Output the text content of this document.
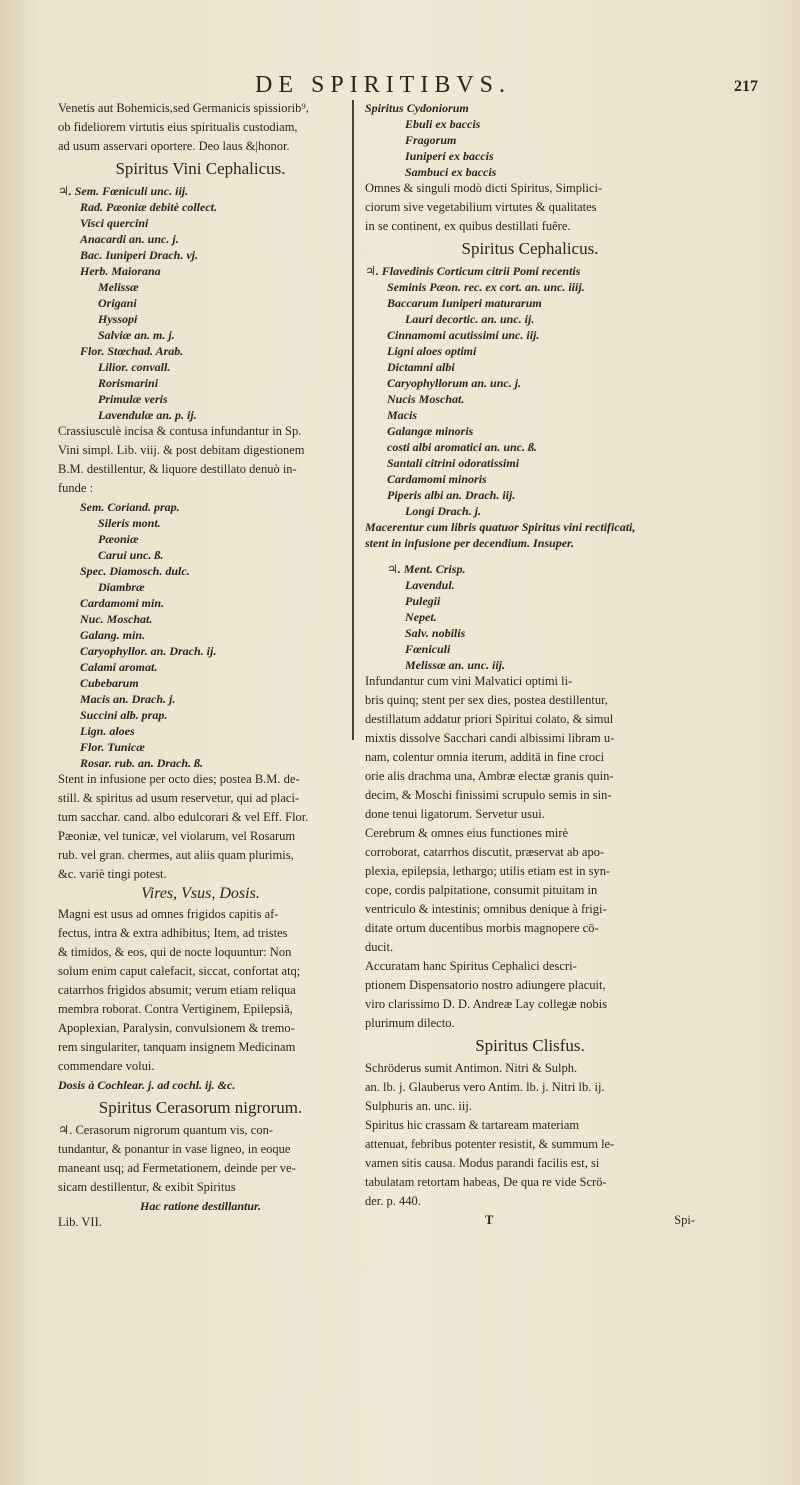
DE SPIRITIBVS.	217

Venetis aut Bohemicis,sed Germanicis spissiorib⁹,

ob fideliorem virtutis eius spiritualis custodiam,

ad usum asservari oportere. Deo laus &|honor.

Spiritus Vini Cephalicus.

♃. Sem. Fœniculi unc. iij.

Rad. Pæoniæ debitè collect.

Visci quercini

Anacardi an. unc. j.

Bac. Iuniperi Drach. vj.

Herb. Maiorana

Melissæ

Origani

Hyssopi

Salviæ an. m. j.

Flor. Stœchad. Arab.

Lilior. convall.

Rorismarini

Primulæ veris

Lavendulæ an. p. ij.

Crassiusculè incisa & contusa infundantur in Sp.

Vini simpl. Lib. viij. & post debitam digestionem

B.M. destillentur, & liquore destillato denuò in-

funde :

Sem. Coriand. prap.

Sileris mont.

Pæoniæ

Carui unc. ß.

Spec. Diamosch. dulc.

Diambræ

Cardamomi min.

Nuc. Moschat.

Galang. min.

Caryophyllor. an. Drach. ij.

Calami aromat.

Cubebarum

Macis an. Drach. j.

Succini alb. prap.

Lign. aloes

Flor. Tunicæ

Rosar. rub. an. Drach. ß.

Stent in infusione per octo dies; postea B.M. de-

still. & spiritus ad usum reservetur, qui ad placi-

tum sacchar. cand. albo edulcorari & vel Eff. Flor.

Pæoniæ, vel tunicæ, vel violarum, vel Rosarum

rub. vel gran. chermes, aut aliis quam plurimis,

&c. variè tingi potest.

Vires, Vsus, Dosis.

Magni est usus ad omnes frigidos capitis af-

fectus, intra & extra adhibitus; Item, ad tristes

& timidos, & eos, qui de nocte loquuntur: Non

solum enim caput calefacit, siccat, confortat atq;

catarrhos frigidos absumit; verum etiam reliqua

membra roborat. Contra Vertiginem, Epilepsiā,

Apoplexian, Paralysin, convulsionem & tremo-

rem singulariter, tanquam insignem Medicinam

commendare volui.

Dosis à Cochlear. j. ad cochl. ij. &c.

Spiritus Cerasorum nigrorum.

♃. Cerasorum nigrorum quantum vis, con-

tundantur, & ponantur in vase ligneo, in eoque

maneant usq; ad Fermetationem, deinde per ve-

sicam destillentur, & exibit Spiritus

Hac ratione destillantur.

Lib. VII.

Spiritus Cydoniorum

Ebuli ex baccis

Fragorum

Iuniperi ex baccis

Sambuci ex baccis

Omnes & singuli modò dicti Spiritus, Simplici-

ciorum sive vegetabilium virtutes & qualitates

in se continent, ex quibus destillati fuêre.

Spiritus Cephalicus.

♃. Flavedinis Corticum citrii Pomi recentis

Seminis Pæon. rec. ex cort. an. unc. iiij.

Baccarum Iuniperi maturarum

Lauri decortic. an. unc. ij.

Cinnamomi acutissimi unc. iij.

Ligni aloes optimi

Dictamni albi

Caryophyllorum an. unc. j.

Nucis Moschat.

Macis

Galangæ minoris

costi albi aromatici an. unc. ß.

Santali citrini odoratissimi

Cardamomi minoris

Piperis albi an. Drach. iij.

Longi Drach. j.

Macerentur cum libris quatuor Spiritus vini rectificati,

stent in infusione per decendium. Insuper.

♃. Ment. Crisp.

Lavendul.

Pulegii

Nepet.

Salv. nobilis

Fœniculi

Melissæ an. unc. iij.

Infundantur cum vini Malvatici optimi li-

bris quinq; stent per sex dies, postea destillentur,

destillatum addatur priori Spiritui colato, & simul

mixtis dissolve Sacchari candi albissimi libram u-

nam, colentur omnia iterum, additā in fine croci

orie alis drachma una, Ambræ electæ granis quin-

decim, & Moschi finissimi scrupulo semis in sin-

done tenui ligatorum. Servetur usui.

Cerebrum & omnes eius functiones mirè

corroborat, catarrhos discutit, præservat ab apo-

plexia, epilepsia, lethargo; utilis etiam est in syn-

cope, cordis palpitatione, consumit pituitam in

ventriculo & intestinis; omnibus denique à frigi-

ditate ortum ducentibus morbis magnopere cō-

ducit.

Accuratam hanc Spiritus Cephalici descri-

ptionem Dispensatorio nostro adiungere placuit,

viro clarissimo D. D. Andreæ Lay collegæ nobis

plurimum dilecto.

Spiritus Clisfus.

Schröderus sumit Antimon. Nitri & Sulph.

an. lb. j. Glauberus vero Antim. lb. j. Nitri lb. ij.

Sulphuris an. unc. iij.

Spiritus hic crassam & tartaream materiam

attenuat, febribus potenter resistit, & summum le-

vamen sitis causa. Modus parandi facilis est, si

tabulatam retortam habeas, De qua re vide Scrö-

der. p. 440.

T	Spi-
